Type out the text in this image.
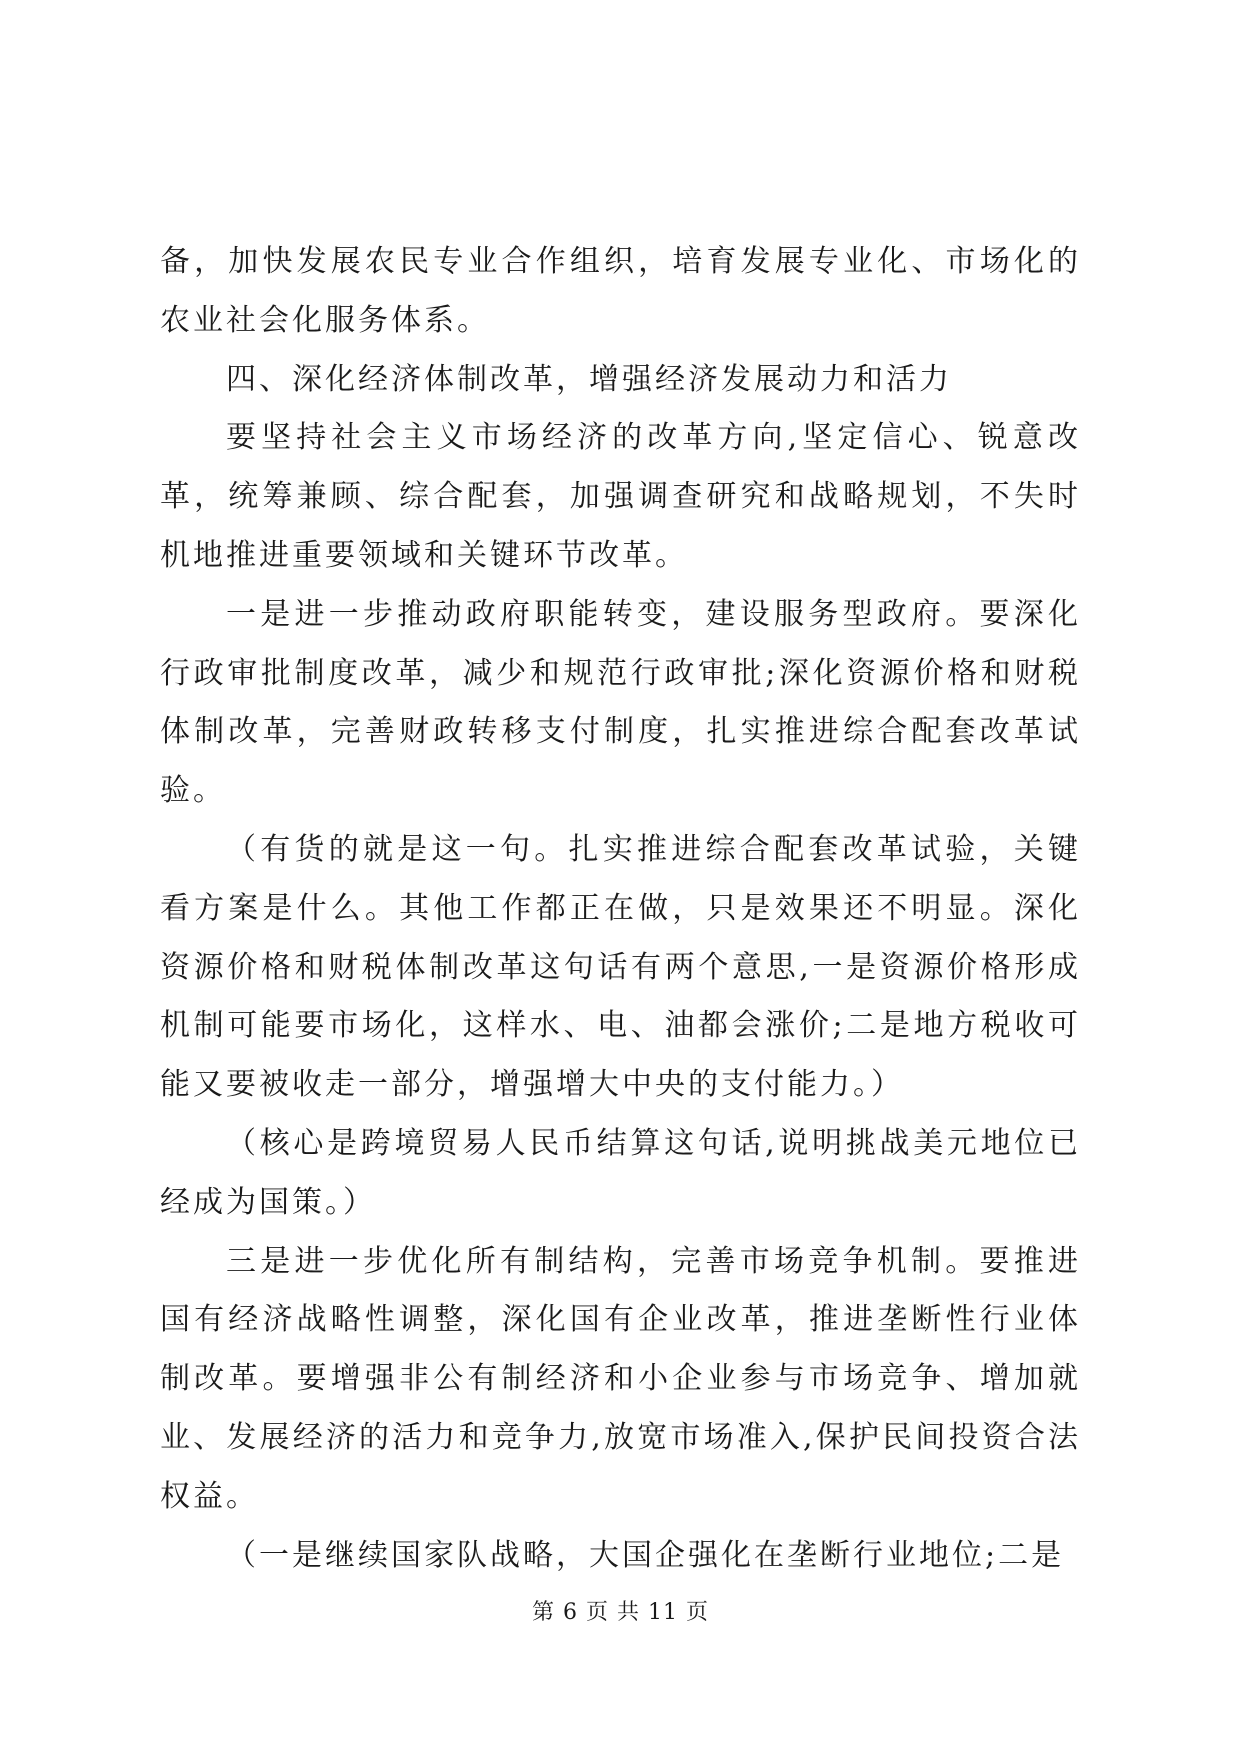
备，加快发展农民专业合作组织，培育发展专业化、市场化的农业社会化服务体系。

四、深化经济体制改革，增强经济发展动力和活力

要坚持社会主义市场经济的改革方向,坚定信心、锐意改革，统筹兼顾、综合配套，加强调查研究和战略规划，不失时机地推进重要领域和关键环节改革。

一是进一步推动政府职能转变，建设服务型政府。要深化行政审批制度改革，减少和规范行政审批;深化资源价格和财税体制改革，完善财政转移支付制度，扎实推进综合配套改革试验。

（有货的就是这一句。扎实推进综合配套改革试验，关键看方案是什么。其他工作都正在做，只是效果还不明显。深化资源价格和财税体制改革这句话有两个意思,一是资源价格形成机制可能要市场化，这样水、电、油都会涨价;二是地方税收可能又要被收走一部分，增强增大中央的支付能力。）

（核心是跨境贸易人民币结算这句话,说明挑战美元地位已经成为国策。）

三是进一步优化所有制结构，完善市场竞争机制。要推进国有经济战略性调整，深化国有企业改革，推进垄断性行业体制改革。要增强非公有制经济和小企业参与市场竞争、增加就业、发展经济的活力和竞争力,放宽市场准入,保护民间投资合法权益。

（一是继续国家队战略，大国企强化在垄断行业地位;二是

第 6 页 共 11 页
